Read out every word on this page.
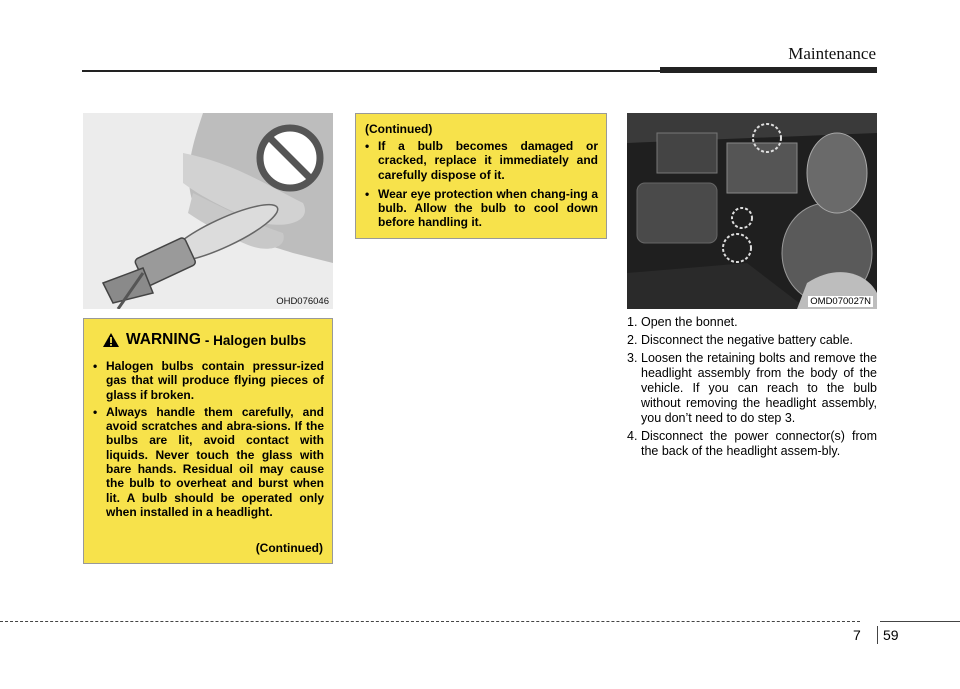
Maintenance
OHD076046
WARNING - Halogen bulbs
• Halogen bulbs contain pressur-ized gas that will produce flying pieces of glass if broken.
• Always handle them carefully, and avoid scratches and abra-sions. If the bulbs are lit, avoid contact with liquids. Never touch the glass with bare hands. Residual oil may cause the bulb to overheat and burst when lit. A bulb should be operated only when installed in a headlight.
(Continued)
(Continued)
• If a bulb becomes damaged or cracked, replace it immediately and carefully dispose of it.
• Wear eye protection when chang-ing a bulb. Allow the bulb to cool down before handling it.
OMD070027N
1. Open the bonnet.
2. Disconnect the negative battery cable.
3. Loosen the retaining bolts and remove the headlight assembly from the body of the vehicle. If you can reach to the bulb without removing the headlight assembly, you don’t need to do step 3.
4. Disconnect the power connector(s) from the back of the headlight assem-bly.
7 59
